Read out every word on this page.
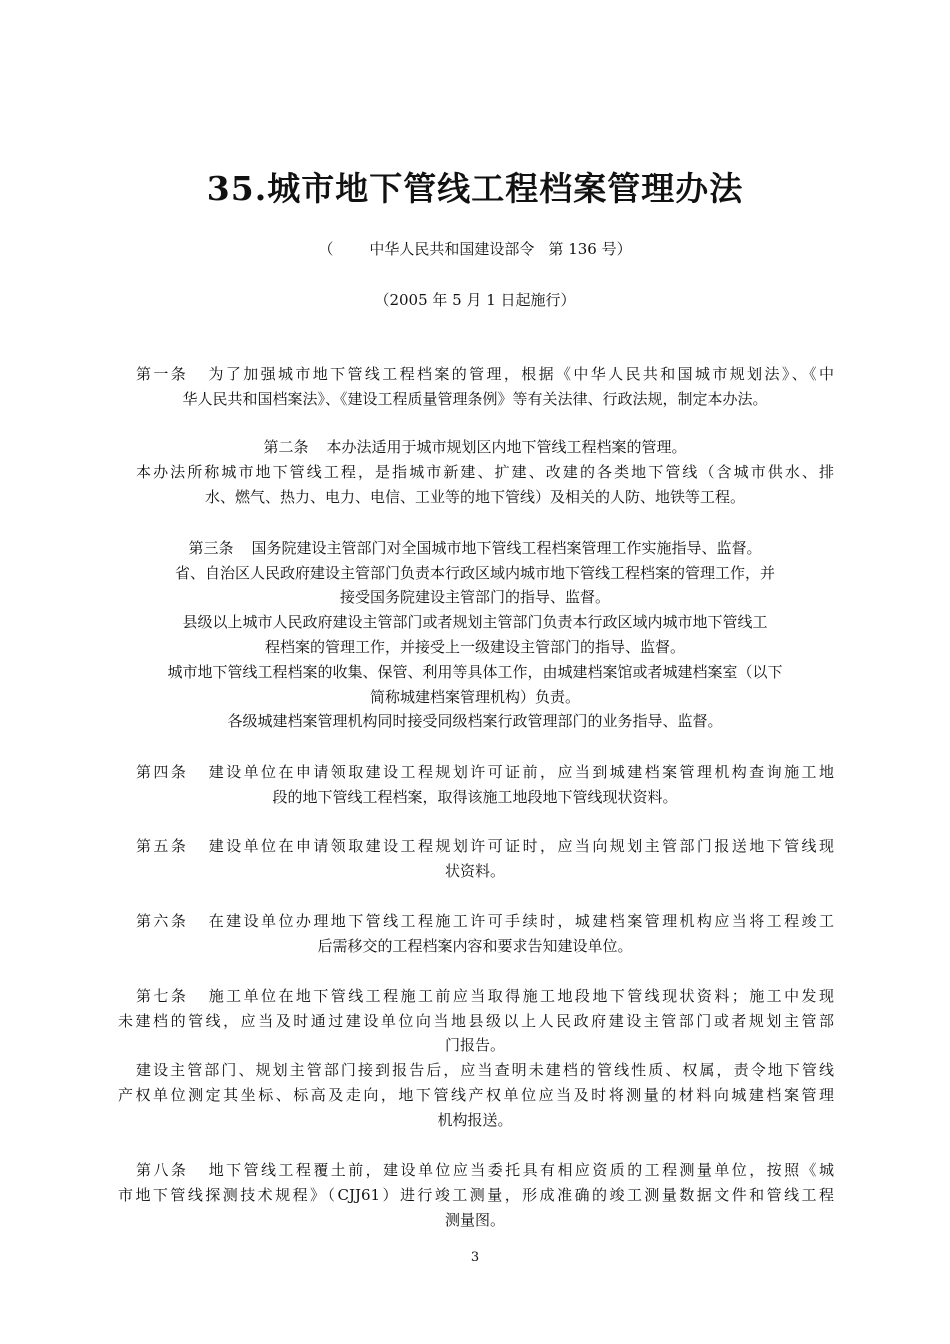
35.城市地下管线工程档案管理办法
（ 中华人民共和国建设部令 第 136 号）
（2005 年 5 月 1 日起施行）
第一条 为了加强城市地下管线工程档案的管理，根据《中华人民共和国城市规划法》、《中
华人民共和国档案法》、《建设工程质量管理条例》等有关法律、行政法规，制定本办法。
第二条 本办法适用于城市规划区内地下管线工程档案的管理。
本办法所称城市地下管线工程，是指城市新建、扩建、改建的各类地下管线（含城市供水、排
水、燃气、热力、电力、电信、工业等的地下管线）及相关的人防、地铁等工程。
第三条 国务院建设主管部门对全国城市地下管线工程档案管理工作实施指导、监督。
省、自治区人民政府建设主管部门负责本行政区域内城市地下管线工程档案的管理工作，并
接受国务院建设主管部门的指导、监督。
县级以上城市人民政府建设主管部门或者规划主管部门负责本行政区域内城市地下管线工
程档案的管理工作，并接受上一级建设主管部门的指导、监督。
城市地下管线工程档案的收集、保管、利用等具体工作，由城建档案馆或者城建档案室（以下
简称城建档案管理机构）负责。
各级城建档案管理机构同时接受同级档案行政管理部门的业务指导、监督。
第四条 建设单位在申请领取建设工程规划许可证前，应当到城建档案管理机构查询施工地
段的地下管线工程档案，取得该施工地段地下管线现状资料。
第五条 建设单位在申请领取建设工程规划许可证时，应当向规划主管部门报送地下管线现
状资料。
第六条 在建设单位办理地下管线工程施工许可手续时，城建档案管理机构应当将工程竣工
后需移交的工程档案内容和要求告知建设单位。
第七条 施工单位在地下管线工程施工前应当取得施工地段地下管线现状资料；施工中发现
未建档的管线，应当及时通过建设单位向当地县级以上人民政府建设主管部门或者规划主管部
门报告。
建设主管部门、规划主管部门接到报告后，应当查明未建档的管线性质、权属，责令地下管线
产权单位测定其坐标、标高及走向，地下管线产权单位应当及时将测量的材料向城建档案管理
机构报送。
第八条 地下管线工程覆土前，建设单位应当委托具有相应资质的工程测量单位，按照《城
市地下管线探测技术规程》（CJJ61）进行竣工测量，形成准确的竣工测量数据文件和管线工程
测量图。
3
